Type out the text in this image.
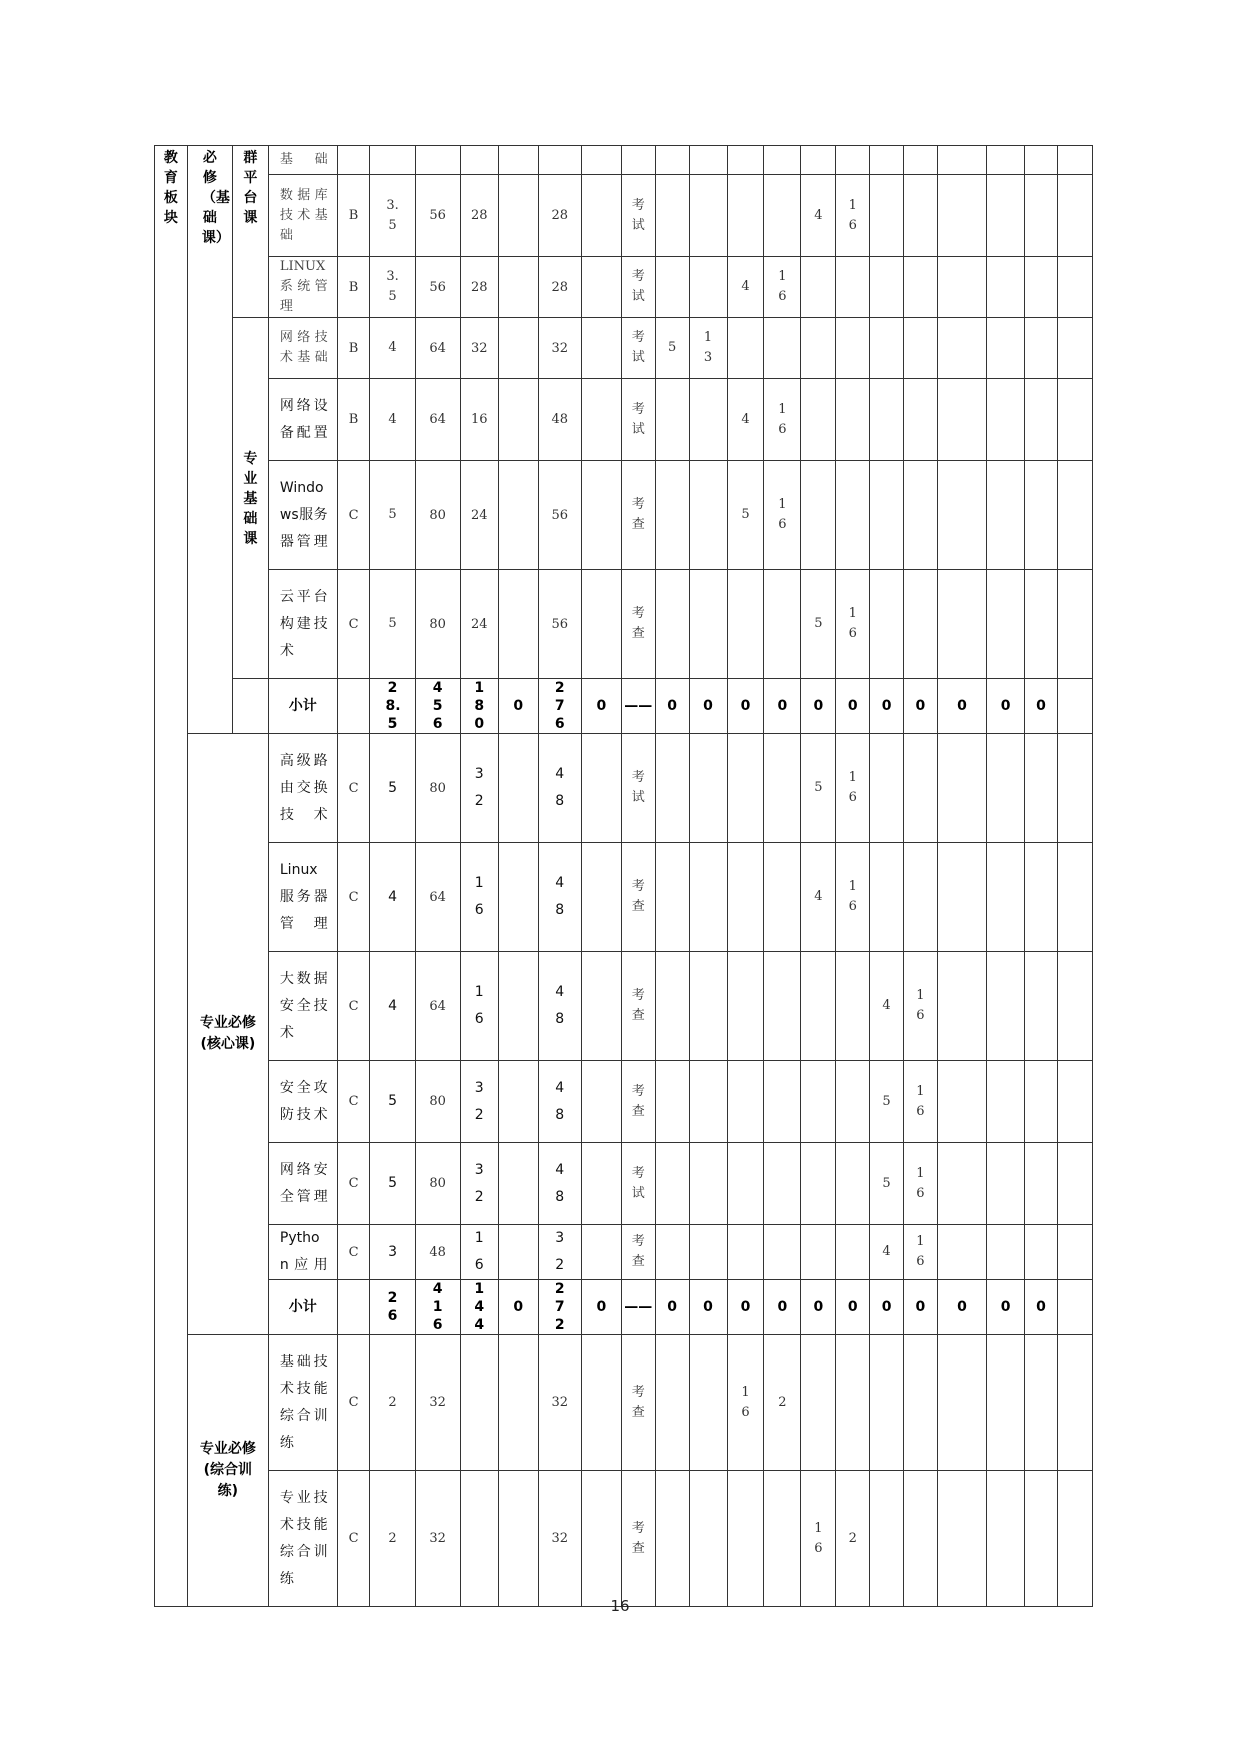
教育板块	必修（基础课）	群平台课	基础																				

			数据库技术基础	B	3.5	56	28		28		考试					4	16						

			LINUX系统管理	B	3.5	56	28		28		考试			4	16								

		专业基础课	网络技术基础	B	4	64	32		32		考试	5	13										

			网络设备配置	B	4	64	16		48		考试			4	16								

			Windows服务器管理	C	5	80	24		56		考查			5	16								

			云平台构建技术	C	5	80	24		56		考查					5	16						

			小计		28.5	456	180	0	276	0	——	0	0	0	0	0	0	0	0	0	0	0	

	专业必修(核心课)		高级路由交换技术	C	5	80	32		48		考试					5	16						

			Linux服务器管理	C	4	64	16		48		考查					4	16						

			大数据安全技术	C	4	64	16		48		考查							4	16				

			安全攻防技术	C	5	80	32		48		考查							5	16				

			网络安全管理	C	5	80	32		48		考试							5	16				

			Python应用	C	3	48	16		32		考查							4	16				

			小计		26	416	144	0	272	0	——	0	0	0	0	0	0	0	0	0	0	0	

	专业必修(综合训练)		基础技术技能综合训练	C	2	32			32		考查			16	2								

			专业技术技能综合训练	C	2	32			32		考查					16	2						

16
